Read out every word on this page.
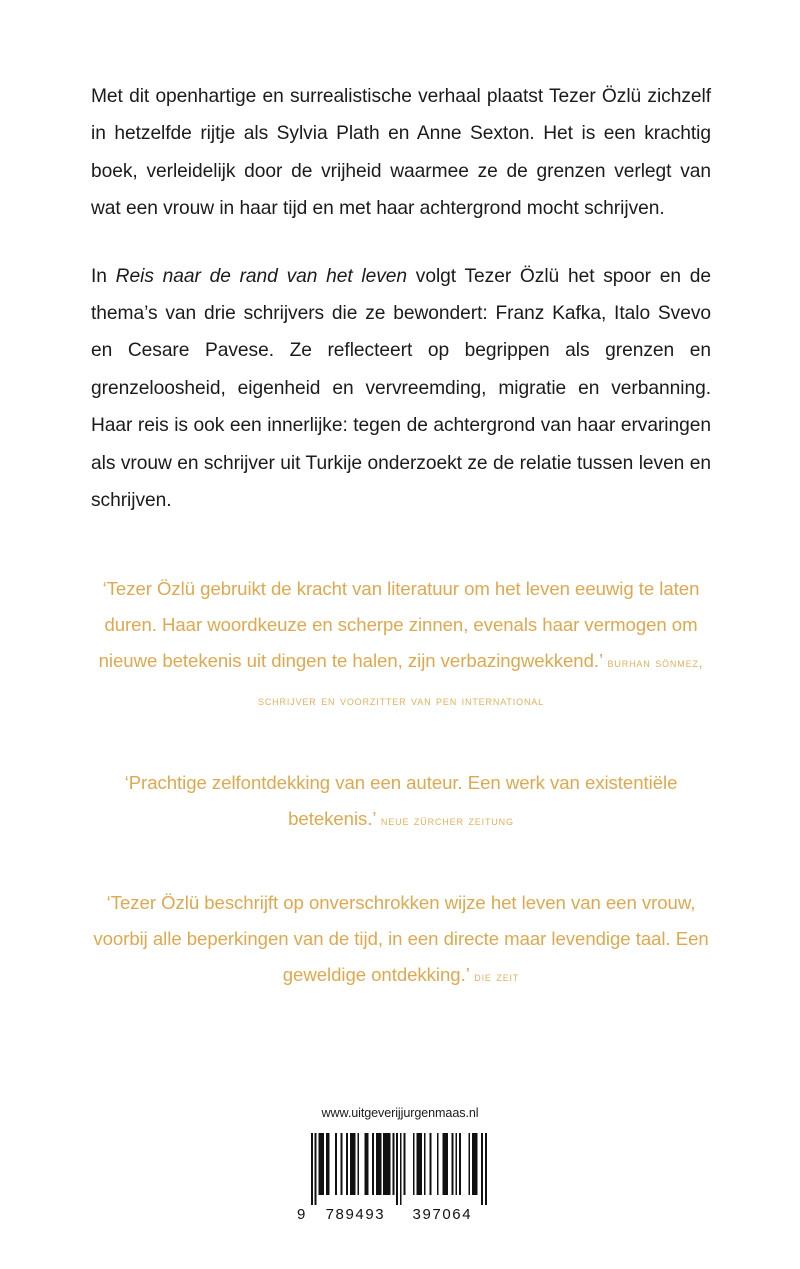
Met dit openhartige en surrealistische verhaal plaatst Tezer Özlü zichzelf in hetzelfde rijtje als Sylvia Plath en Anne Sexton. Het is een krachtig boek, verleidelijk door de vrijheid waarmee ze de grenzen verlegt van wat een vrouw in haar tijd en met haar achtergrond mocht schrijven.

In Reis naar de rand van het leven volgt Tezer Özlü het spoor en de thema’s van drie schrijvers die ze bewondert: Franz Kafka, Italo Svevo en Cesare Pavese. Ze reflecteert op begrippen als grenzen en grenzeloosheid, eigenheid en vervreemding, migratie en verbanning. Haar reis is ook een innerlijke: tegen de achtergrond van haar ervaringen als vrouw en schrijver uit Turkije onderzoekt ze de relatie tussen leven en schrijven.

‘Tezer Özlü gebruikt de kracht van literatuur om het leven eeuwig te laten duren. Haar woordkeuze en scherpe zinnen, evenals haar vermogen om nieuwe betekenis uit dingen te halen, zijn verbazingwekkend.’ burhan sönmez, schrijver en voorzitter van pen international

‘Prachtige zelfontdekking van een auteur. Een werk van existentiële betekenis.’ neue zürcher zeitung

‘Tezer Özlü beschrijft op onverschrokken wijze het leven van een vrouw, voorbij alle beperkingen van de tijd, in een directe maar levendige taal. Een geweldige ontdekking.’ die zeit

www.uitgeverijjurgenmaas.nl

9 789493 397064
